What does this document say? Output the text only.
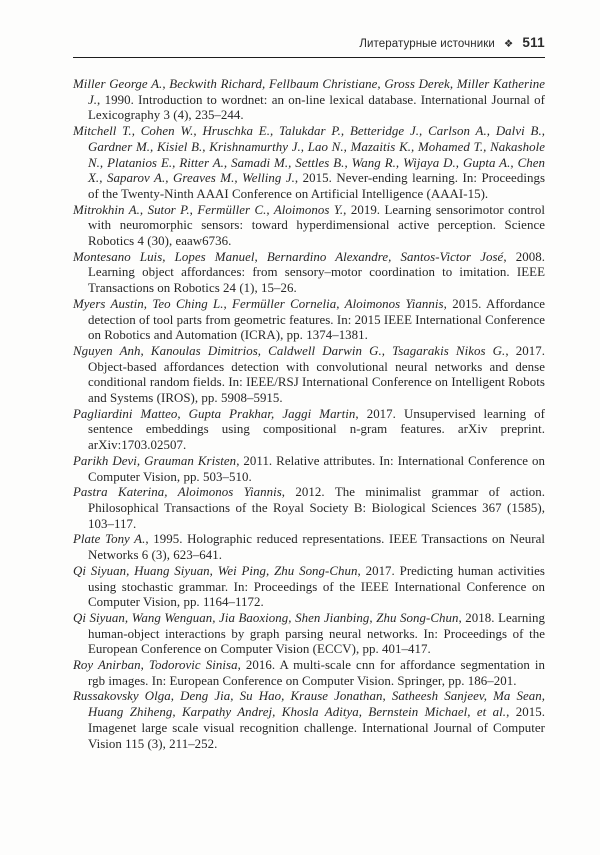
Литературные источники ❖ 511

Miller George A., Beckwith Richard, Fellbaum Christiane, Gross Derek, Miller Katherine J., 1990. Introduction to wordnet: an on-line lexical database. International Journal of Lexicography 3 (4), 235–244.

Mitchell T., Cohen W., Hruschka E., Talukdar P., Betteridge J., Carlson A., Dalvi B., Gardner M., Kisiel B., Krishnamurthy J., Lao N., Mazaitis K., Mohamed T., Nakashole N., Platanios E., Ritter A., Samadi M., Settles B., Wang R., Wijaya D., Gupta A., Chen X., Saparov A., Greaves M., Welling J., 2015. Never-ending learning. In: Proceedings of the Twenty-Ninth AAAI Conference on Artificial Intelligence (AAAI-15).

Mitrokhin A., Sutor P., Fermüller C., Aloimonos Y., 2019. Learning sensorimotor control with neuromorphic sensors: toward hyperdimensional active perception. Science Robotics 4 (30), eaaw6736.

Montesano Luis, Lopes Manuel, Bernardino Alexandre, Santos-Victor José, 2008. Learning object affordances: from sensory–motor coordination to imitation. IEEE Transactions on Robotics 24 (1), 15–26.

Myers Austin, Teo Ching L., Fermüller Cornelia, Aloimonos Yiannis, 2015. Affordance detection of tool parts from geometric features. In: 2015 IEEE International Conference on Robotics and Automation (ICRA), pp. 1374–1381.

Nguyen Anh, Kanoulas Dimitrios, Caldwell Darwin G., Tsagarakis Nikos G., 2017. Object-based affordances detection with convolutional neural networks and dense conditional random fields. In: IEEE/RSJ International Conference on Intelligent Robots and Systems (IROS), pp. 5908–5915.

Pagliardini Matteo, Gupta Prakhar, Jaggi Martin, 2017. Unsupervised learning of sentence embeddings using compositional n-gram features. arXiv preprint. arXiv:1703.02507.

Parikh Devi, Grauman Kristen, 2011. Relative attributes. In: International Conference on Computer Vision, pp. 503–510.

Pastra Katerina, Aloimonos Yiannis, 2012. The minimalist grammar of action. Philosophical Transactions of the Royal Society B: Biological Sciences 367 (1585), 103–117.

Plate Tony A., 1995. Holographic reduced representations. IEEE Transactions on Neural Networks 6 (3), 623–641.

Qi Siyuan, Huang Siyuan, Wei Ping, Zhu Song-Chun, 2017. Predicting human activities using stochastic grammar. In: Proceedings of the IEEE International Conference on Computer Vision, pp. 1164–1172.

Qi Siyuan, Wang Wenguan, Jia Baoxiong, Shen Jianbing, Zhu Song-Chun, 2018. Learning human-object interactions by graph parsing neural networks. In: Proceedings of the European Conference on Computer Vision (ECCV), pp. 401–417.

Roy Anirban, Todorovic Sinisa, 2016. A multi-scale cnn for affordance segmentation in rgb images. In: European Conference on Computer Vision. Springer, pp. 186–201.

Russakovsky Olga, Deng Jia, Su Hao, Krause Jonathan, Satheesh Sanjeev, Ma Sean, Huang Zhiheng, Karpathy Andrej, Khosla Aditya, Bernstein Michael, et al., 2015. Imagenet large scale visual recognition challenge. International Journal of Computer Vision 115 (3), 211–252.
